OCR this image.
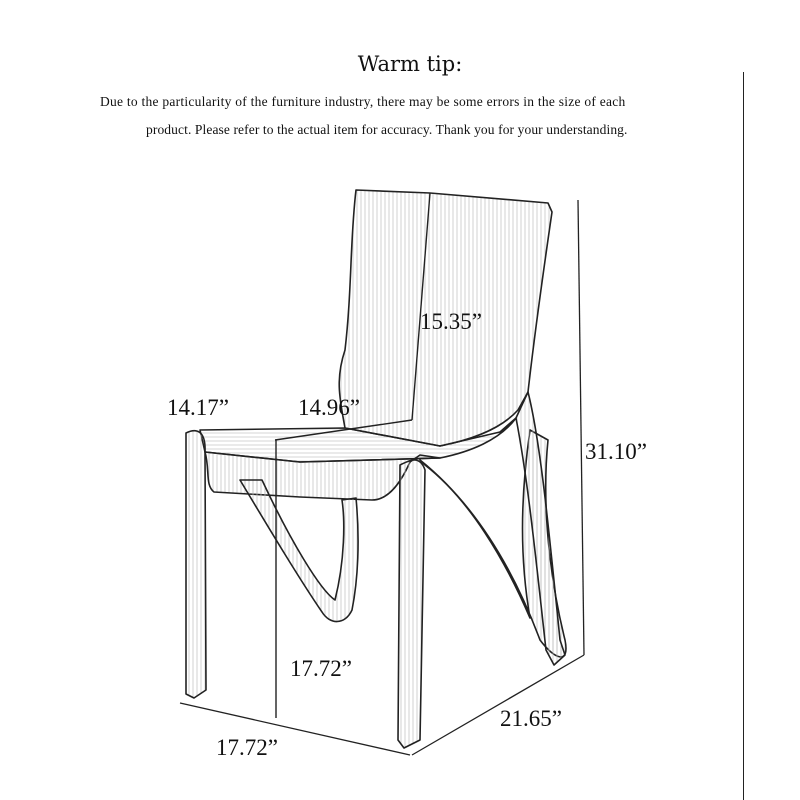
Warm tip:
Due to the particularity of the furniture industry, there may be some errors in the size of each
product. Please refer to the actual item for accuracy. Thank you for your understanding.
15.35”
14.17”	14.96”
31.10”
17.72”
21.65”
17.72”
